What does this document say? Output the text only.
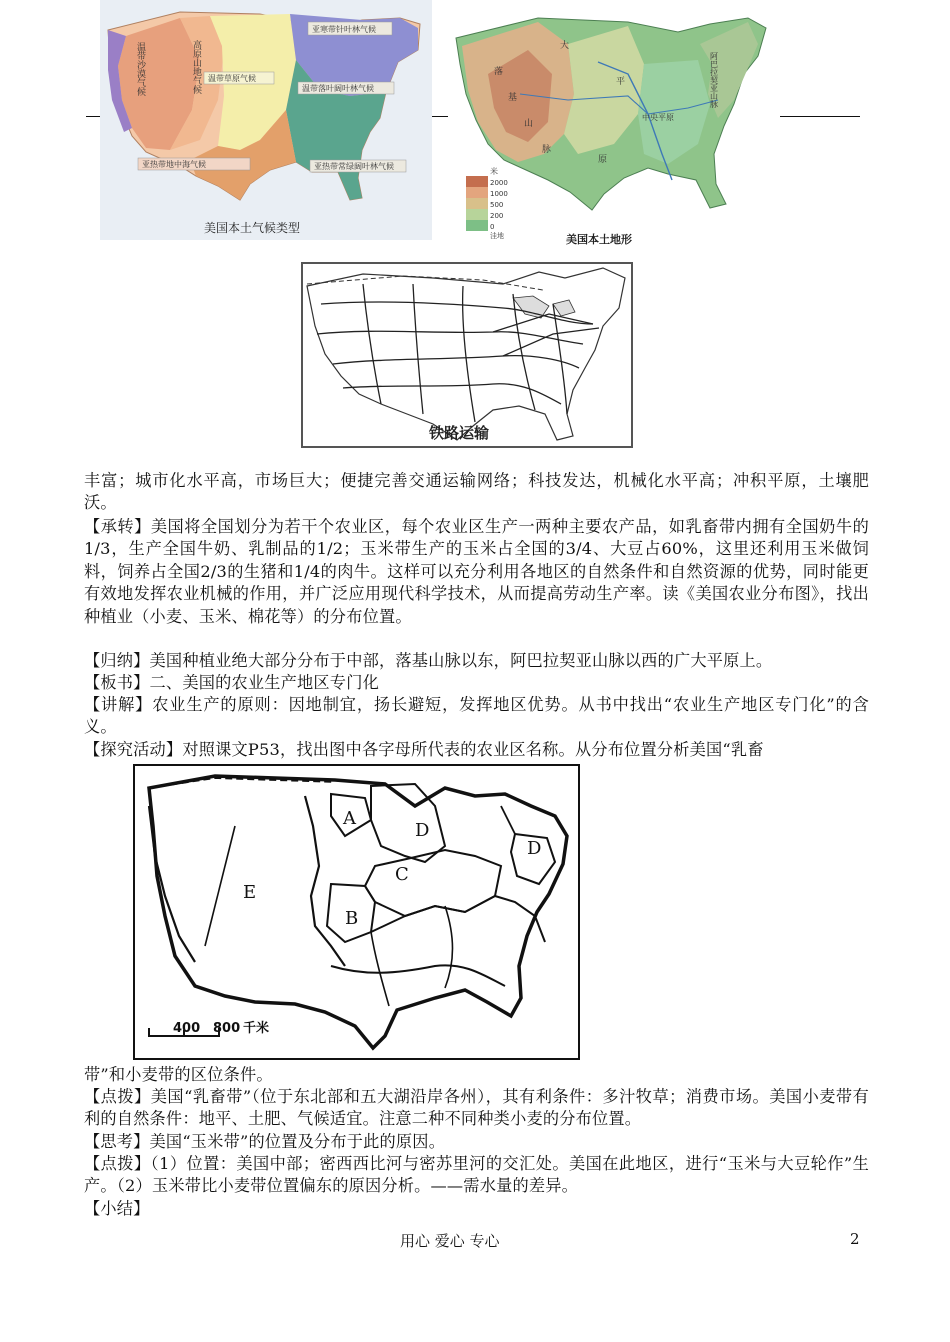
亚寒带针叶林气候
温带草原气候
温带落叶阔叶林气候
亚热带常绿阔叶林气候
温带沙漠气候	高原山地气候
亚热带地中海气候
美国本土气候类型
米
2000
1000
500
200
0
洼地
大
落
基
山
脉
平
原
中央平原
阿巴拉契亚山脉
美国本土地形
铁路运输
丰富；城市化水平高，市场巨大；便捷完善交通运输网络；科技发达，机械化水平高；冲积平原，土壤肥沃。
【承转】美国将全国划分为若干个农业区，每个农业区生产一两种主要农产品，如乳畜带内拥有全国奶牛的1/3，生产全国牛奶、乳制品的1/2；玉米带生产的玉米占全国的3/4、大豆占60%，这里还利用玉米做饲料，饲养占全国2/3的生猪和1/4的肉牛。这样可以充分利用各地区的自然条件和自然资源的优势，同时能更有效地发挥农业机械的作用，并广泛应用现代科学技术，从而提高劳动生产率。读《美国农业分布图》，找出种植业（小麦、玉米、棉花等）的分布位置。
【归纳】美国种植业绝大部分分布于中部，落基山脉以东，阿巴拉契亚山脉以西的广大平原上。
【板书】二、美国的农业生产地区专门化
【讲解】农业生产的原则：因地制宜，扬长避短，发挥地区优势。从书中找出“农业生产地区专门化”的含义。
【探究活动】对照课文P53，找出图中各字母所代表的农业区名称。从分布位置分析美国“乳畜
A
B
C
D
D
E
400 800 千米
带”和小麦带的区位条件。
【点拨】美国“乳畜带”（位于东北部和五大湖沿岸各州），其有利条件：多汁牧草；消费市场。美国小麦带有利的自然条件：地平、土肥、气候适宜。注意二种不同种类小麦的分布位置。
【思考】美国“玉米带”的位置及分布于此的原因。
【点拨】（1）位置：美国中部；密西西比河与密苏里河的交汇处。美国在此地区，进行“玉米与大豆轮作”生产。（2）玉米带比小麦带位置偏东的原因分析。——需水量的差异。
【小结】
用心 爱心 专心	2
